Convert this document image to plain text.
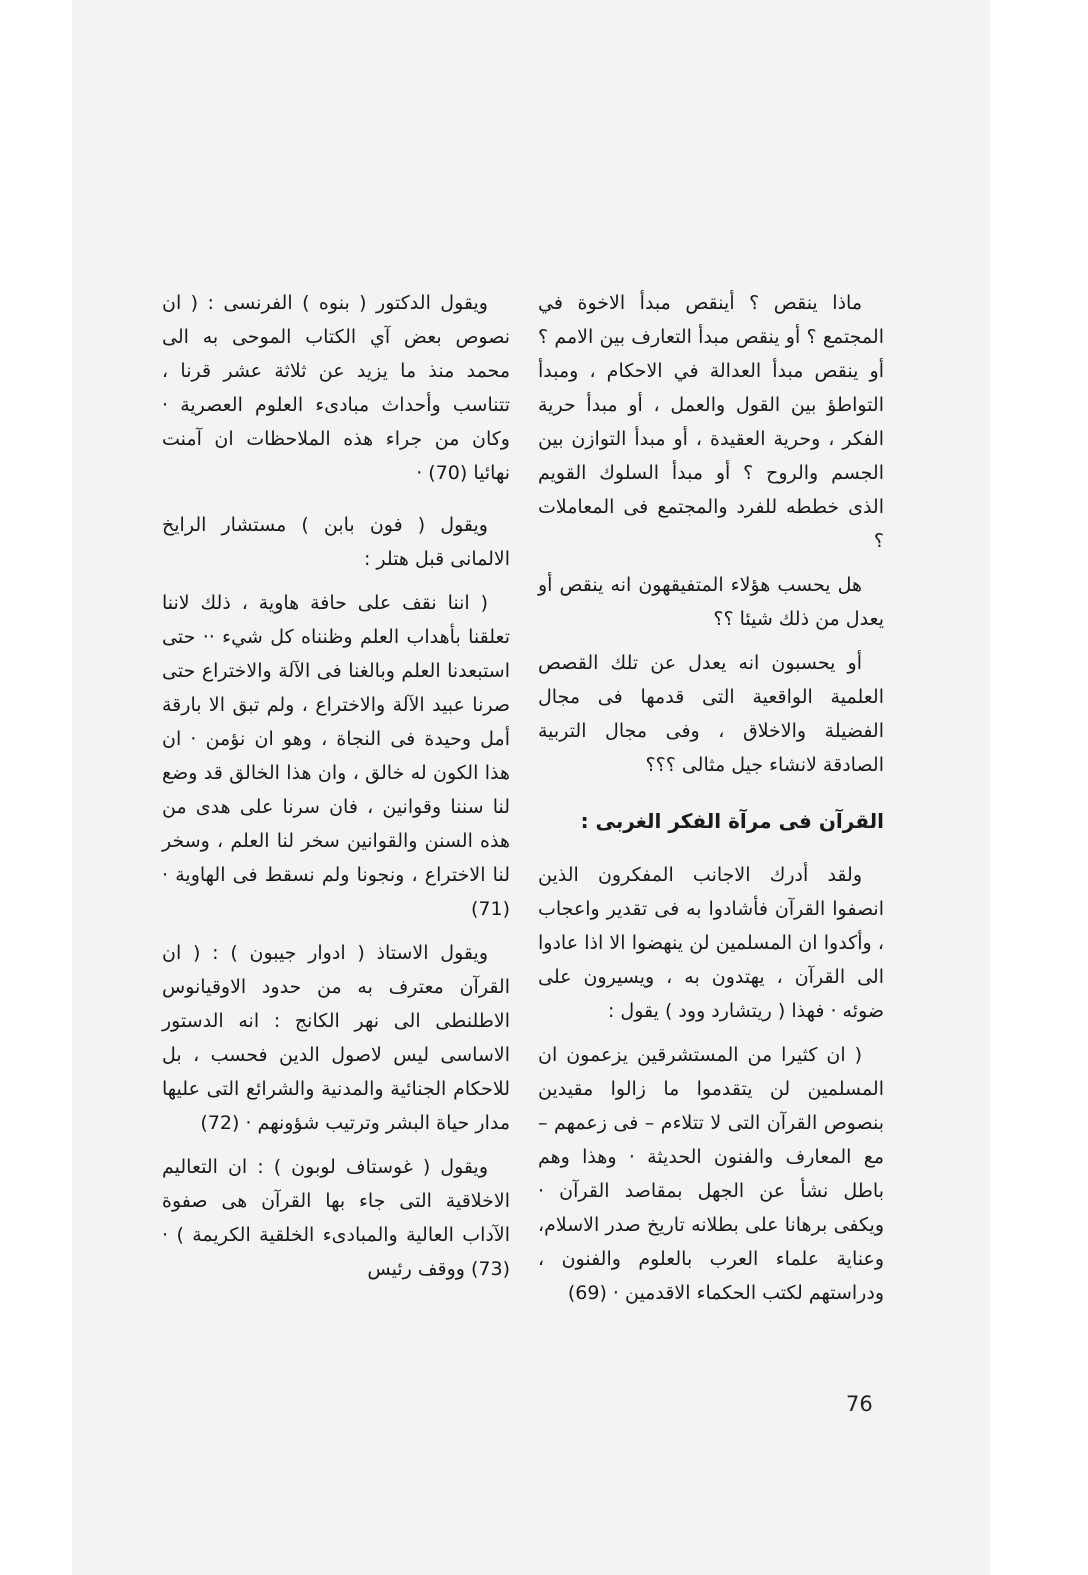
ماذا ينقص ؟ أينقص مبدأ الاخوة في المجتمع ؟ أو ينقص مبدأ التعارف بين الامم ؟ أو ينقص مبدأ العدالة في الاحكام ، ومبدأ التواطؤ بين القول والعمل ، أو مبدأ حرية الفكر ، وحرية العقيدة ، أو مبدأ التوازن بين الجسم والروح ؟ أو مبدأ السلوك القويم الذى خططه للفرد والمجتمع فى المعاملات ؟

هل يحسب هؤلاء المتفيقهون انه ينقص أو يعدل من ذلك شيئا ؟؟

أو يحسبون انه يعدل عن تلك القصص العلمية الواقعية التى قدمها فى مجال الفضيلة والاخلاق ، وفى مجال التربية الصادقة لانشاء جيل مثالى ؟؟؟

القرآن فى مرآة الفكر الغربى :

ولقد أدرك الاجانب المفكرون الذين انصفوا القرآن فأشادوا به فى تقدير واعجاب ، وأكدوا ان المسلمين لن ينهضوا الا اذا عادوا الى القرآن ، يهتدون به ، ويسيرون على ضوئه · فهذا ( ريتشارد وود ) يقول :

( ان كثيرا من المستشرقين يزعمون ان المسلمين لن يتقدموا ما زالوا مقيدين بنصوص القرآن التى لا تتلاءم – فى زعمهم – مع المعارف والفنون الحديثة · وهذا وهم باطل نشأ عن الجهل بمقاصد القرآن · ويكفى برهانا على بطلانه تاريخ صدر الاسلام، وعناية علماء العرب بالعلوم والفنون ، ودراستهم لكتب الحكماء الاقدمين · (69)

ويقول الدكتور ( بنوه ) الفرنسى : ( ان نصوص بعض آي الكتاب الموحى به الى محمد منذ ما يزيد عن ثلاثة عشر قرنا ، تتناسب وأحداث مبادىء العلوم العصرية · وكان من جراء هذه الملاحظات ان آمنت نهائيا (70) ·

ويقول ( فون بابن ) مستشار الرايخ الالمانى قبل هتلر :

( اننا نقف على حافة هاوية ، ذلك لاننا تعلقنا بأهداب العلم وظنناه كل شيء ·· حتى استبعدنا العلم وبالغنا فى الآلة والاختراع حتى صرنا عبيد الآلة والاختراع ، ولم تبق الا بارقة أمل وحيدة فى النجاة ، وهو ان نؤمن · ان هذا الكون له خالق ، وان هذا الخالق قد وضع لنا سننا وقوانين ، فان سرنا على هدى من هذه السنن والقوانين سخر لنا العلم ، وسخر لنا الاختراع ، ونجونا ولم نسقط فى الهاوية · (71)

ويقول الاستاذ ( ادوار جيبون ) : ( ان القرآن معترف به من حدود الاوقيانوس الاطلنطى الى نهر الكانج : انه الدستور الاساسى ليس لاصول الدين فحسب ، بل للاحكام الجنائية والمدنية والشرائع التى عليها مدار حياة البشر وترتيب شؤونهم · (72)

ويقول ( غوستاف لوبون ) : ان التعاليم الاخلاقية التى جاء بها القرآن هى صفوة الآداب العالية والمبادىء الخلقية الكريمة ) · (73) ووقف رئيس

76
